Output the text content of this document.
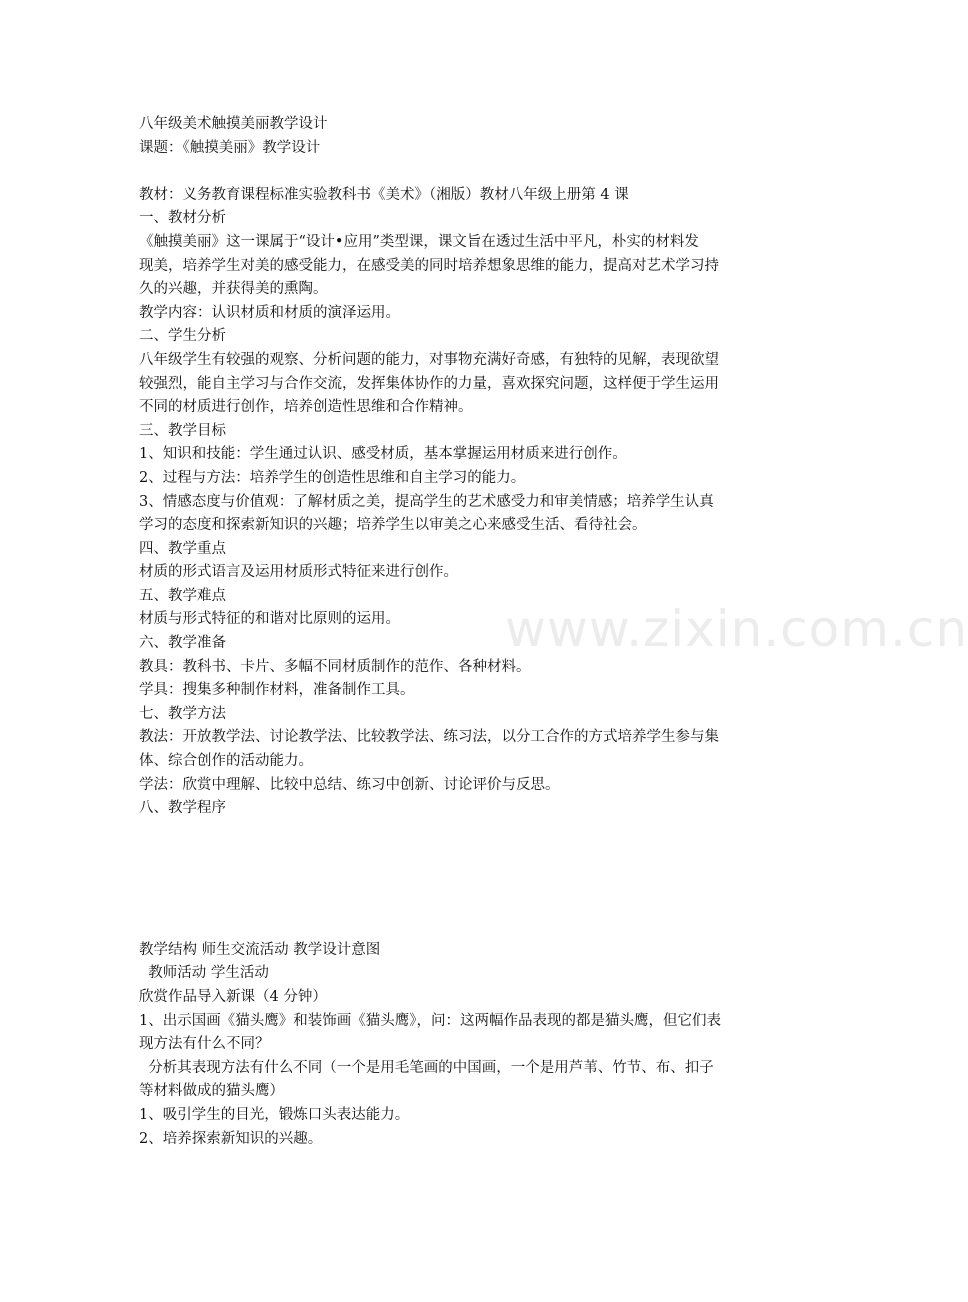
八年级美术触摸美丽教学设计
课题：《触摸美丽》教学设计
教材：义务教育课程标准实验教科书《美术》（湘版）教材八年级上册第 4 课
一、教材分析
《触摸美丽》这一课属于“设计•应用”类型课，课文旨在透过生活中平凡，朴实的材料发
现美，培养学生对美的感受能力，在感受美的同时培养想象思维的能力，提高对艺术学习持
久的兴趣，并获得美的熏陶。
教学内容：认识材质和材质的演泽运用。
二、学生分析
八年级学生有较强的观察、分析问题的能力，对事物充满好奇感，有独特的见解，表现欲望
较强烈，能自主学习与合作交流，发挥集体协作的力量，喜欢探究问题，这样便于学生运用
不同的材质进行创作，培养创造性思维和合作精神。
三、教学目标
1、知识和技能：学生通过认识、感受材质，基本掌握运用材质来进行创作。
2、过程与方法：培养学生的创造性思维和自主学习的能力。
3、情感态度与价值观：了解材质之美，提高学生的艺术感受力和审美情感；培养学生认真
学习的态度和探索新知识的兴趣；培养学生以审美之心来感受生活、看待社会。
四、教学重点
材质的形式语言及运用材质形式特征来进行创作。
五、教学难点
材质与形式特征的和谐对比原则的运用。
六、教学准备
教具：教科书、卡片、多幅不同材质制作的范作、各种材料。
学具：搜集多种制作材料，准备制作工具。
七、教学方法
教法：开放教学法、讨论教学法、比较教学法、练习法，以分工合作的方式培养学生参与集
体、综合创作的活动能力。
学法：欣赏中理解、比较中总结、练习中创新、讨论评价与反思。
八、教学程序
教学结构 师生交流活动 教学设计意图
教师活动 学生活动
欣赏作品导入新课（4 分钟）
1、出示国画《猫头鹰》和装饰画《猫头鹰》，问：这两幅作品表现的都是猫头鹰，但它们表
现方法有什么不同？
分析其表现方法有什么不同（一个是用毛笔画的中国画，一个是用芦苇、竹节、布、扣子
等材料做成的猫头鹰）
1、吸引学生的目光，锻炼口头表达能力。
2、培养探索新知识的兴趣。
www.zixin.com.cn
